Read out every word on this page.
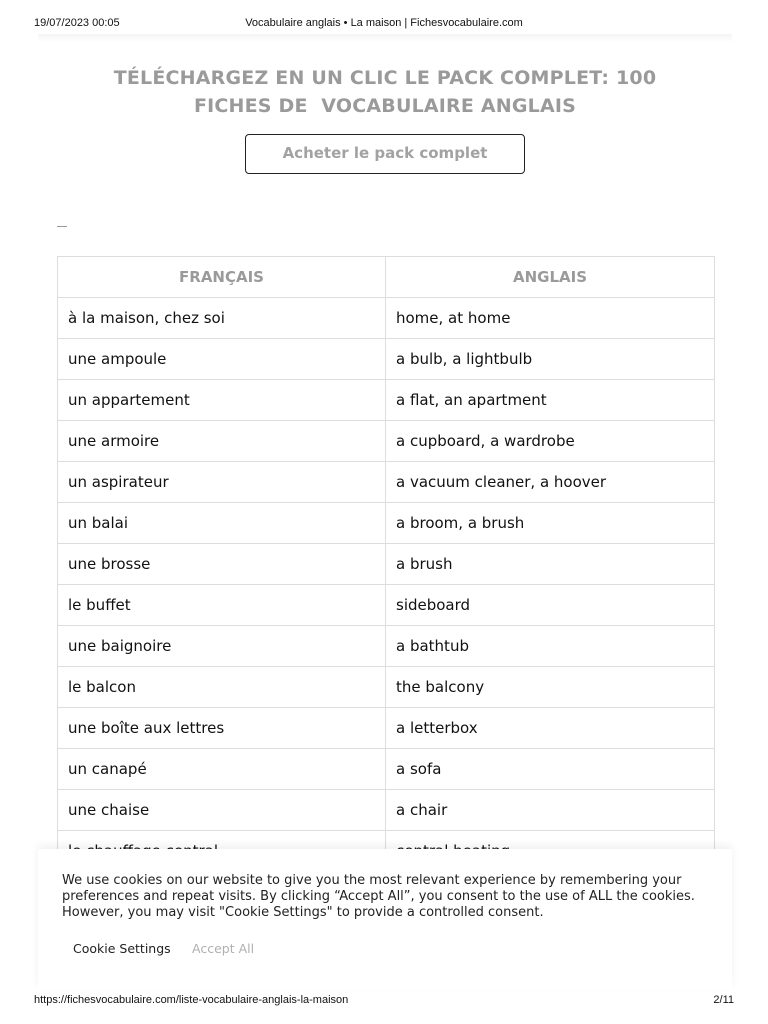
19/07/2023 00:05	Vocabulaire anglais • La maison | Fichesvocabulaire.com
TÉLÉCHARGEZ EN UN CLIC LE PACK COMPLET: 100
FICHES DE  VOCABULAIRE ANGLAIS
Acheter le pack complet
FRANÇAIS	ANGLAIS
à la maison, chez soi	home, at home
une ampoule	a bulb, a lightbulb
un appartement	a flat, an apartment
une armoire	a cupboard, a wardrobe
un aspirateur	a vacuum cleaner, a hoover
un balai	a broom, a brush
une brosse	a brush
le buffet	sideboard
une baignoire	a bathtub
le balcon	the balcony
une boîte aux lettres	a letterbox
un canapé	a sofa
une chaise	a chair

We use cookies on our website to give you the most relevant experience by remembering your preferences and repeat visits. By clicking “Accept All”, you consent to the use of ALL the cookies. However, you may visit "Cookie Settings" to provide a controlled consent.
Cookie Settings Accept All
https://fichesvocabulaire.com/liste-vocabulaire-anglais-la-maison	2/11
